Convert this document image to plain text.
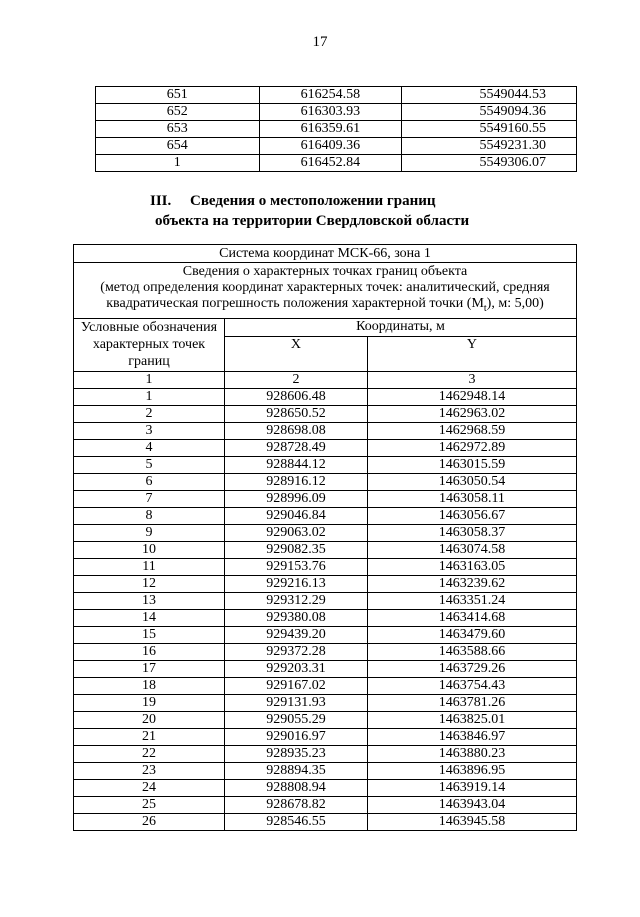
17
651	616254.58	5549044.53
652	616303.93	5549094.36
653	616359.61	5549160.55
654	616409.36	5549231.30
1	616452.84	5549306.07
III. Сведения о местоположении границ
объекта на территории Свердловской области
Система координат МСК-66, зона 1		

Сведения о характерных точках границ объекта
(метод определения координат характерных точек: аналитический, средняя
квадратическая погрешность положения характерной точки $(М_t)$, м: 5,00)		

Условные обозначения характерных точек границ	Координаты, м	
	X	Y
1	2	3
1	928606.48	1462948.14
2	928650.52	1462963.02
3	928698.08	1462968.59
4	928728.49	1462972.89
5	928844.12	1463015.59
6	928916.12	1463050.54
7	928996.09	1463058.11
8	929046.84	1463056.67
9	929063.02	1463058.37
10	929082.35	1463074.58
11	929153.76	1463163.05
12	929216.13	1463239.62
13	929312.29	1463351.24
14	929380.08	1463414.68
15	929439.20	1463479.60
16	929372.28	1463588.66
17	929203.31	1463729.26
18	929167.02	1463754.43
19	929131.93	1463781.26
20	929055.29	1463825.01
21	929016.97	1463846.97
22	928935.23	1463880.23
23	928894.35	1463896.95
24	928808.94	1463919.14
25	928678.82	1463943.04
26	928546.55	1463945.58
